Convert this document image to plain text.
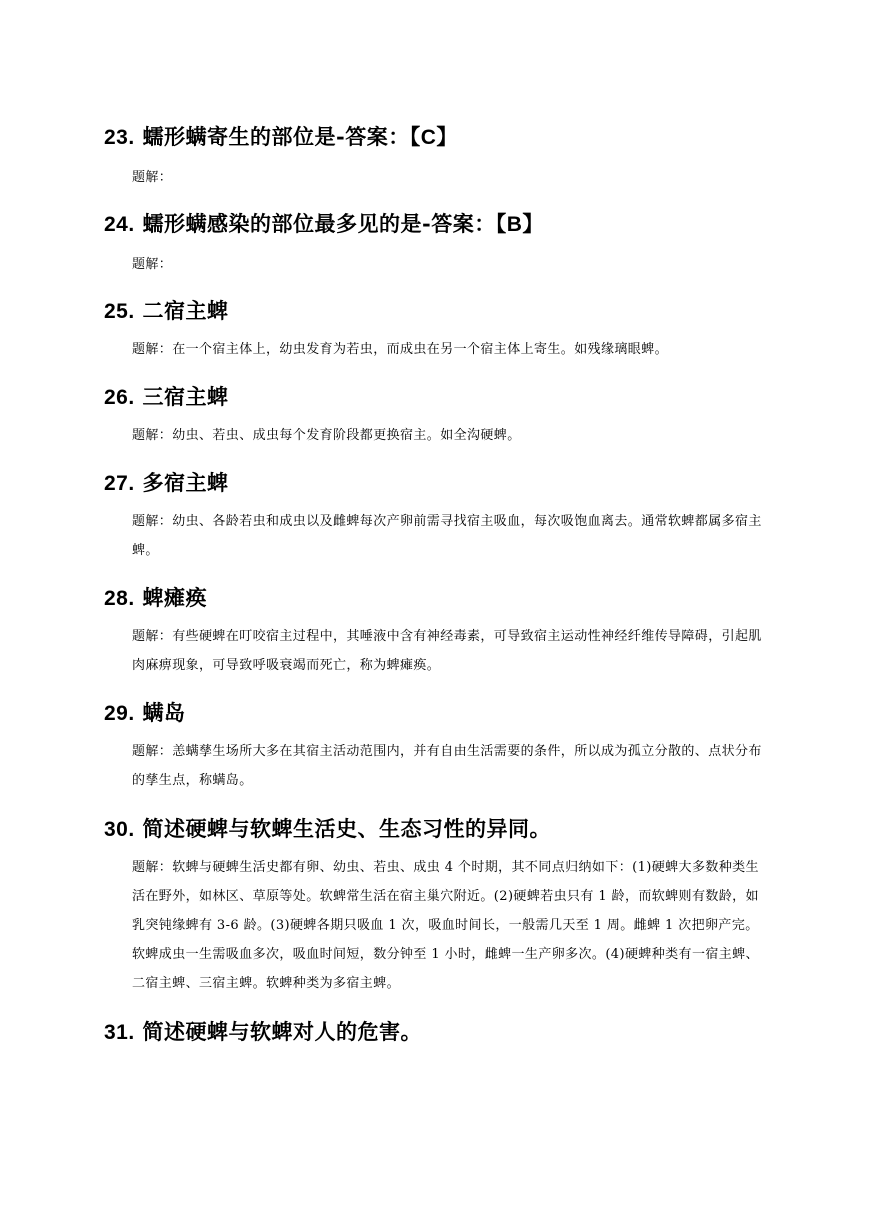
23. 蠕形螨寄生的部位是-答案：【C】

题解：

24. 蠕形螨感染的部位最多见的是-答案：【B】

题解：

25. 二宿主蜱

题解：在一个宿主体上，幼虫发育为若虫，而成虫在另一个宿主体上寄生。如残缘璃眼蜱。

26. 三宿主蜱

题解：幼虫、若虫、成虫每个发育阶段都更换宿主。如全沟硬蜱。

27. 多宿主蜱

题解：幼虫、各龄若虫和成虫以及雌蜱每次产卵前需寻找宿主吸血，每次吸饱血离去。通常软蜱都属多宿主蜱。

28. 蜱瘫痪

题解：有些硬蜱在叮咬宿主过程中，其唾液中含有神经毒素，可导致宿主运动性神经纤维传导障碍，引起肌肉麻痹现象，可导致呼吸衰竭而死亡，称为蜱瘫痪。

29. 螨岛

题解：恙螨孳生场所大多在其宿主活动范围内，并有自由生活需要的条件，所以成为孤立分散的、点状分布的孳生点，称螨岛。

30. 简述硬蜱与软蜱生活史、生态习性的异同。

题解：软蜱与硬蜱生活史都有卵、幼虫、若虫、成虫 4 个时期，其不同点归纳如下：(1)硬蜱大多数种类生活在野外，如林区、草原等处。软蜱常生活在宿主巢穴附近。(2)硬蜱若虫只有 1 龄，而软蜱则有数龄，如乳突钝缘蜱有 3-6 龄。(3)硬蜱各期只吸血 1 次，吸血时间长，一般需几天至 1 周。雌蜱 1 次把卵产完。软蜱成虫一生需吸血多次，吸血时间短，数分钟至 1 小时，雌蜱一生产卵多次。(4)硬蜱种类有一宿主蜱、二宿主蜱、三宿主蜱。软蜱种类为多宿主蜱。

31. 简述硬蜱与软蜱对人的危害。
